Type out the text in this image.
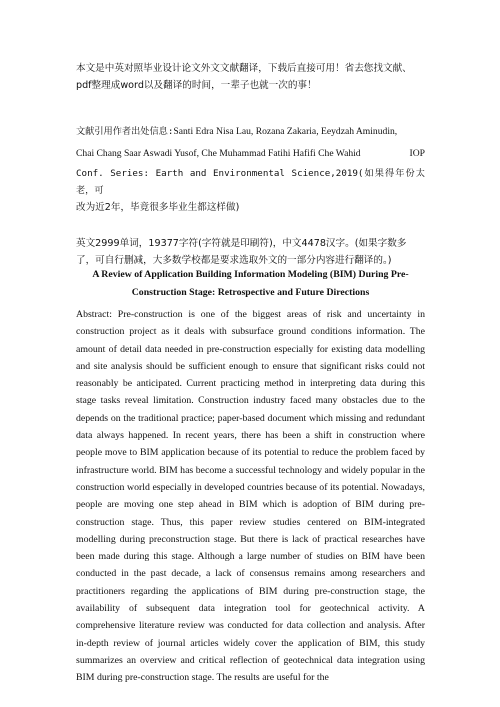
本文是中英对照毕业设计论文外文文献翻译，下载后直接可用！省去您找文献、

pdf整理成word以及翻译的时间，一辈子也就一次的事！

文献引用作者出处信息:Santi Edra Nisa Lau, Rozana Zakaria, Eeydzah Aminudin,

Chai Chang Saar Aswadi Yusof, Che Muhammad Fatihi Hafifi Che Wahid	IOP

Conf. Series: Earth and Environmental Science,2019(如果得年份太老，可

改为近2年，毕竟很多毕业生都这样做)

英文2999单词，19377字符(字符就是印刷符)，中文4478汉字。(如果字数多

了，可自行删减，大多数学校都是要求选取外文的一部分内容进行翻译的。)

A Review of Application Building Information Modeling (BIM) During Pre-

Construction Stage: Retrospective and Future Directions

Abstract: Pre-construction is one of the biggest areas of risk and uncertainty in construction project as it deals with subsurface ground conditions information. The amount of detail data needed in pre-construction especially for existing data modelling and site analysis should be sufficient enough to ensure that significant risks could not reasonably be anticipated. Current practicing method in interpreting data during this stage tasks reveal limitation. Construction industry faced many obstacles due to the depends on the traditional practice; paper-based document which missing and redundant data always happened. In recent years, there has been a shift in construction where people move to BIM application because of its potential to reduce the problem faced by infrastructure world. BIM has become a successful technology and widely popular in the construction world especially in developed countries because of its potential. Nowadays, people are moving one step ahead in BIM which is adoption of BIM during pre-construction stage. Thus, this paper review studies centered on BIM-integrated modelling during preconstruction stage. But there is lack of practical researches have been made during this stage. Although a large number of studies on BIM have been conducted in the past decade, a lack of consensus remains among researchers and practitioners regarding the applications of BIM during pre-construction stage, the availability of subsequent data integration tool for geotechnical activity. A comprehensive literature review was conducted for data collection and analysis. After in-depth review of journal articles widely cover the application of BIM, this study summarizes an overview and critical reflection of geotechnical data integration using BIM during pre-construction stage. The results are useful for the
